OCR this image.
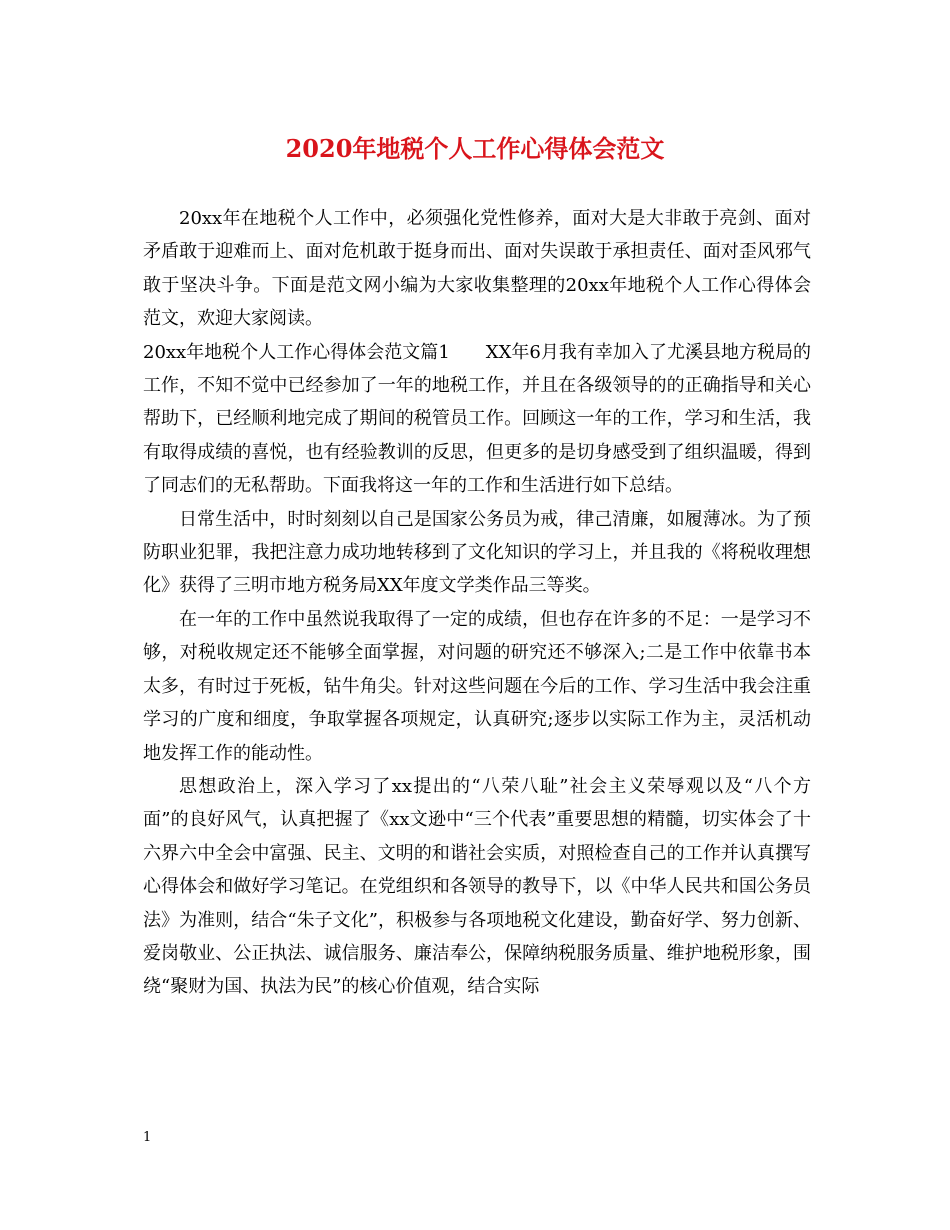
2020年地税个人工作心得体会范文

20xx年在地税个人工作中，必须强化党性修养，面对大是大非敢于亮剑、面对矛盾敢于迎难而上、面对危机敢于挺身而出、面对失误敢于承担责任、面对歪风邪气敢于坚决斗争。下面是范文网小编为大家收集整理的20xx年地税个人工作心得体会范文，欢迎大家阅读。

20xx年地税个人工作心得体会范文篇1　　XX年6月我有幸加入了尤溪县地方税局的工作，不知不觉中已经参加了一年的地税工作，并且在各级领导的的正确指导和关心帮助下，已经顺利地完成了期间的税管员工作。回顾这一年的工作，学习和生活，我有取得成绩的喜悦，也有经验教训的反思，但更多的是切身感受到了组织温暖，得到了同志们的无私帮助。下面我将这一年的工作和生活进行如下总结。

日常生活中，时时刻刻以自己是国家公务员为戒，律己清廉，如履薄冰。为了预防职业犯罪，我把注意力成功地转移到了文化知识的学习上，并且我的《将税收理想化》获得了三明市地方税务局XX年度文学类作品三等奖。

在一年的工作中虽然说我取得了一定的成绩，但也存在许多的不足：一是学习不够，对税收规定还不能够全面掌握，对问题的研究还不够深入;二是工作中依靠书本太多，有时过于死板，钻牛角尖。针对这些问题在今后的工作、学习生活中我会注重学习的广度和细度，争取掌握各项规定，认真研究;逐步以实际工作为主，灵活机动地发挥工作的能动性。

思想政治上，深入学习了xx提出的“八荣八耻”社会主义荣辱观以及“八个方面”的良好风气，认真把握了《xx文逊中“三个代表”重要思想的精髓，切实体会了十六界六中全会中富强、民主、文明的和谐社会实质，对照检查自己的工作并认真撰写心得体会和做好学习笔记。在党组织和各领导的教导下，以《中华人民共和国公务员法》为准则，结合“朱子文化”，积极参与各项地税文化建设，勤奋好学、努力创新、爱岗敬业、公正执法、诚信服务、廉洁奉公，保障纳税服务质量、维护地税形象，围绕“聚财为国、执法为民”的核心价值观，结合实际

1
